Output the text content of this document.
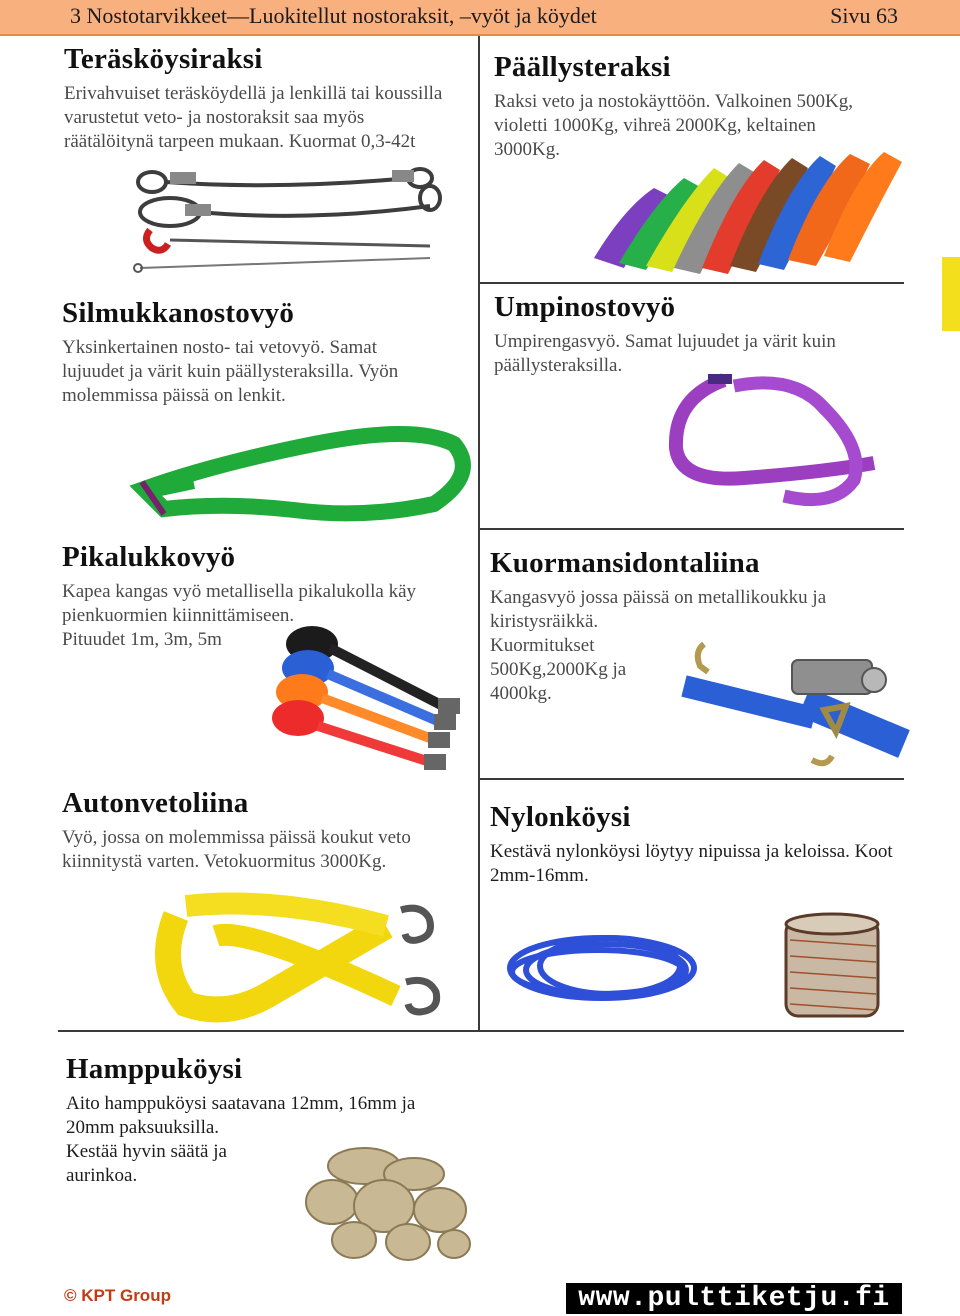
3 Nostotarvikkeet—Luokitellut nostoraksit, –vyöt ja köydet	Sivu 63
Teräsköysiraksi

Erivahvuiset teräsköydellä ja lenkillä tai koussilla varustetut veto- ja nostoraksit saa myös räätälöitynä tarpeen mukaan. Kuormat 0,3-42t

Päällysteraksi

Raksi veto ja nostokäyttöön. Valkoinen 500Kg, violetti 1000Kg, vihreä 2000Kg, keltainen 3000Kg.

Silmukkanostovyö

Yksinkertainen nosto- tai vetovyö. Samat lujuudet ja värit kuin päällysteraksilla. Vyön molemmissa päissä on lenkit.

Umpinostovyö

Umpirengasvyö. Samat lujuudet ja värit kuin päällysteraksilla.

Pikalukkovyö

Kapea kangas vyö metallisella pikalukolla käy pienkuormien kiinnittämiseen.

Pituudet 1m, 3m, 5m

Kuormansidontaliina

Kangasvyö jossa päissä on metallikoukku ja kiristysräikkä.

Kuormitukset 500Kg,2000Kg ja 4000kg.

Autonvetoliina

Vyö, jossa on molemmissa päissä koukut veto kiinnitystä varten. Vetokuormitus 3000Kg.

Nylonköysi

Kestävä nylonköysi löytyy nipuissa ja keloissa. Koot 2mm-16mm.

Hamppuköysi

Aito hamppuköysi saatavana 12mm, 16mm ja 20mm paksuuksilla.

Kestää hyvin säätä ja aurinkoa.

© KPT Group	www.pulttiketju.fi
